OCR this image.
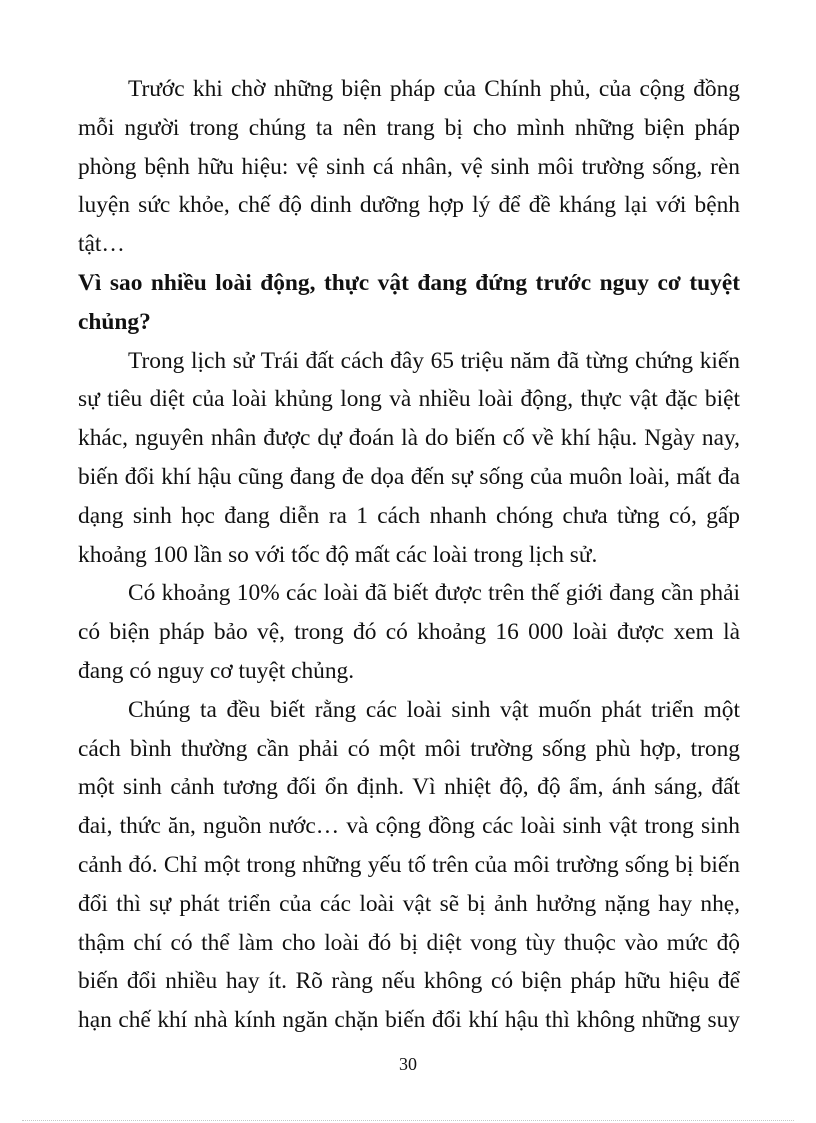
Trước khi chờ những biện pháp của Chính phủ, của cộng đồng
mỗi người trong chúng ta nên trang bị cho mình những biện pháp
phòng bệnh hữu hiệu: vệ sinh cá nhân, vệ sinh môi trường sống, rèn
luyện sức khỏe, chế độ dinh dưỡng hợp lý để đề kháng lại với bệnh
tật…
Vì sao nhiều loài động, thực vật đang đứng trước nguy cơ tuyệt
chủng?
Trong lịch sử Trái đất cách đây 65 triệu năm đã từng chứng kiến
sự tiêu diệt của loài khủng long và nhiều loài động, thực vật đặc biệt
khác, nguyên nhân được dự đoán là do biến cố về khí hậu. Ngày nay,
biến đổi khí hậu cũng đang đe dọa đến sự sống của muôn loài, mất đa
dạng sinh học đang diễn ra 1 cách nhanh chóng chưa từng có, gấp
khoảng 100 lần so với tốc độ mất các loài trong lịch sử.
Có khoảng 10% các loài đã biết được trên thế giới đang cần phải
có biện pháp bảo vệ, trong đó có khoảng 16 000 loài được xem là
đang có nguy cơ tuyệt chủng.
Chúng ta đều biết rằng các loài sinh vật muốn phát triển một
cách bình thường cần phải có một môi trường sống phù hợp, trong
một sinh cảnh tương đối ổn định. Vì nhiệt độ, độ ẩm, ánh sáng, đất
đai, thức ăn, nguồn nước… và cộng đồng các loài sinh vật trong sinh
cảnh đó. Chỉ một trong những yếu tố trên của môi trường sống bị biến
đổi thì sự phát triển của các loài vật sẽ bị ảnh hưởng nặng hay nhẹ,
thậm chí có thể làm cho loài đó bị diệt vong tùy thuộc vào mức độ
biến đổi nhiều hay ít. Rõ ràng nếu không có biện pháp hữu hiệu để
hạn chế khí nhà kính ngăn chặn biến đổi khí hậu thì không những suy
30
